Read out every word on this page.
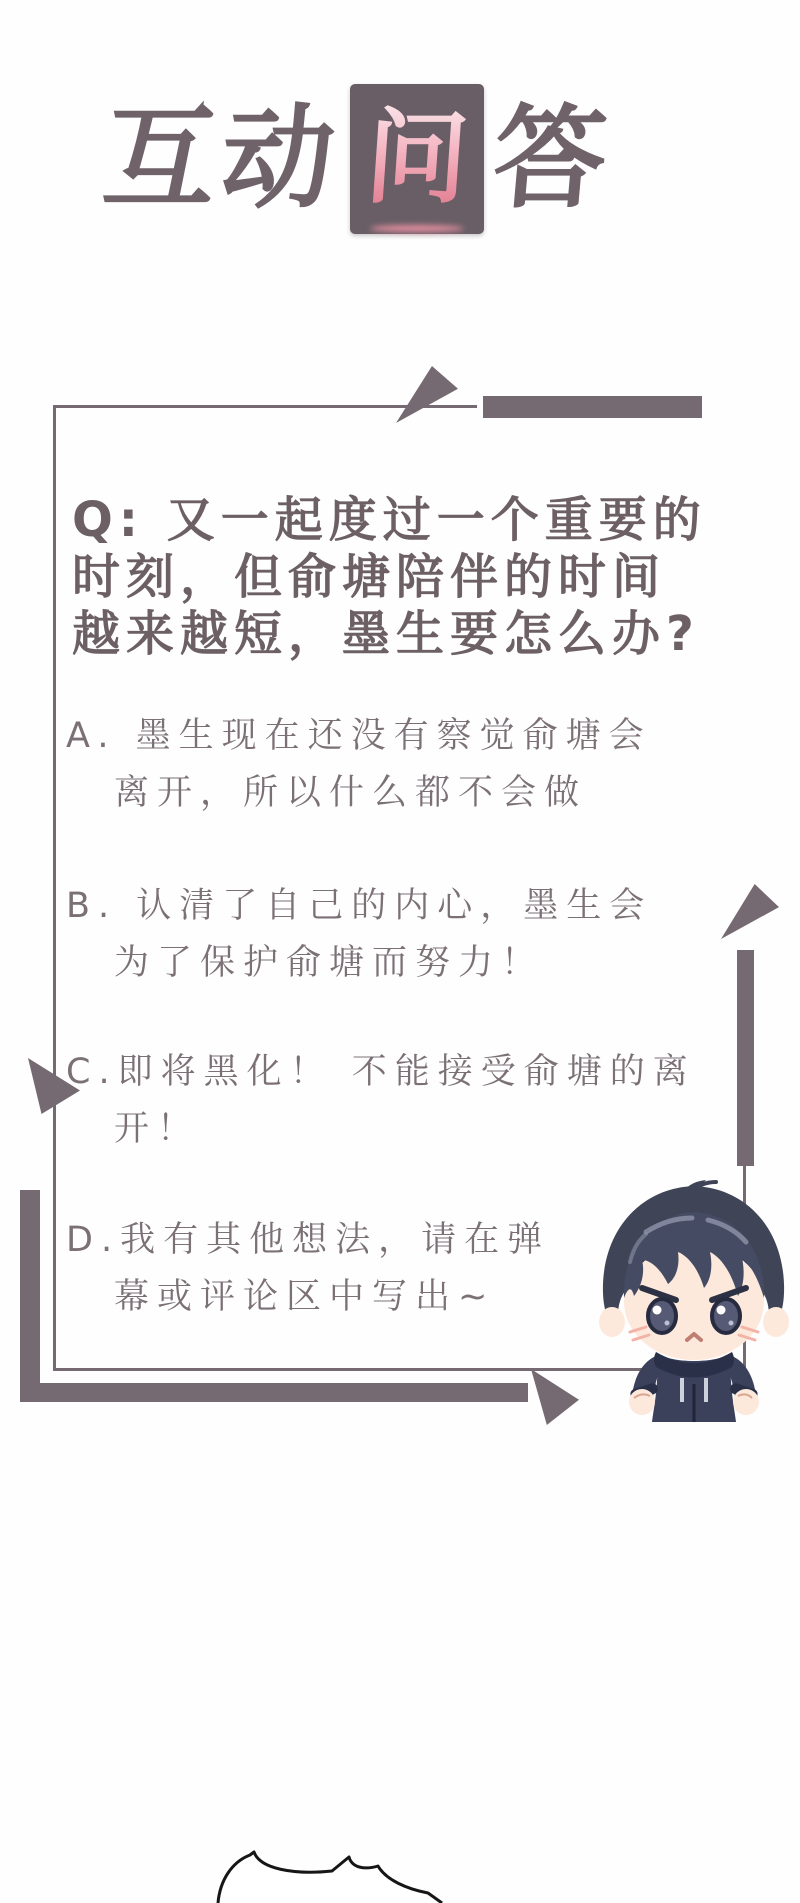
互动 问 答
Q: 又一起度过一个重要的
时刻，但俞塘陪伴的时间
越来越短，墨生要怎么办?
A. 墨生现在还没有察觉俞塘会
离开，所以什么都不会做
B. 认清了自己的内心，墨生会
为了保护俞塘而努力！
C.即将黑化！ 不能接受俞塘的离
开！
D.我有其他想法，请在弹
幕或评论区中写出~
